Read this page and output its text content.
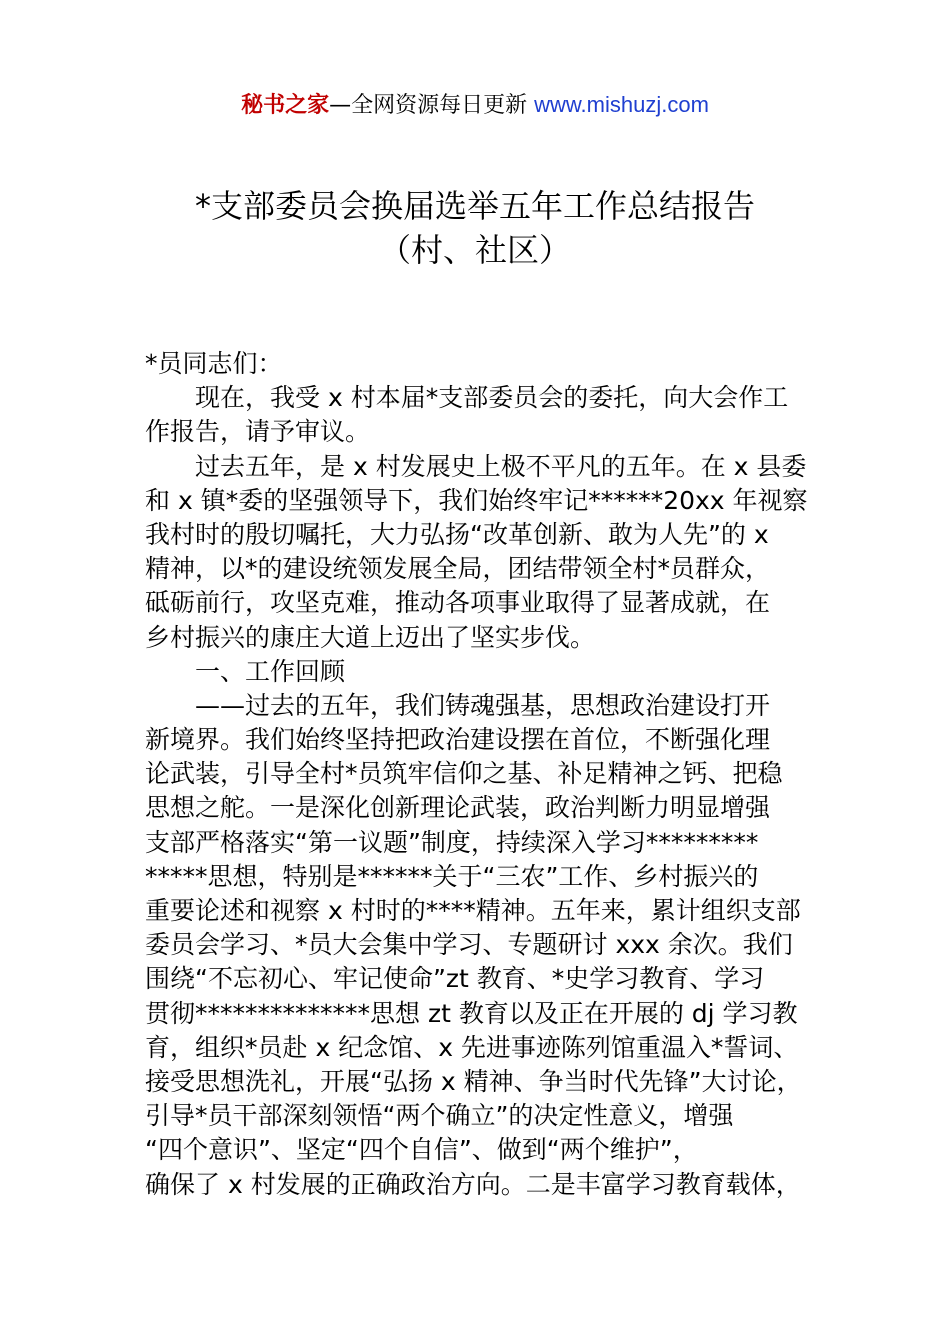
秘书之家—全网资源每日更新 www.mishuzj.com
*支部委员会换届选举五年工作总结报告
（村、社区）
*员同志们：
现在，我受 x 村本届*支部委员会的委托，向大会作工
作报告，请予审议。
过去五年，是 x 村发展史上极不平凡的五年。在 x 县委
和 x 镇*委的坚强领导下，我们始终牢记******20xx 年视察
我村时的殷切嘱托，大力弘扬“改革创新、敢为人先”的 x
精神，以*的建设统领发展全局，团结带领全村*员群众，
砥砺前行，攻坚克难，推动各项事业取得了显著成就，在
乡村振兴的康庄大道上迈出了坚实步伐。
一、工作回顾
——过去的五年，我们铸魂强基，思想政治建设打开
新境界。我们始终坚持把政治建设摆在首位，不断强化理
论武装，引导全村*员筑牢信仰之基、补足精神之钙、把稳
思想之舵。一是深化创新理论武装，政治判断力明显增强
支部严格落实“第一议题”制度，持续深入学习*********
*****思想，特别是******关于“三农”工作、乡村振兴的
重要论述和视察 x 村时的****精神。五年来，累计组织支部
委员会学习、*员大会集中学习、专题研讨 xxx 余次。我们
围绕“不忘初心、牢记使命”zt 教育、*史学习教育、学习
贯彻**************思想 zt 教育以及正在开展的 dj 学习教
育，组织*员赴 x 纪念馆、x 先进事迹陈列馆重温入*誓词、
接受思想洗礼，开展“弘扬 x 精神、争当时代先锋”大讨论，
引导*员干部深刻领悟“两个确立”的决定性意义，增强
“四个意识”、坚定“四个自信”、做到“两个维护”，
确保了 x 村发展的正确政治方向。二是丰富学习教育载体，
